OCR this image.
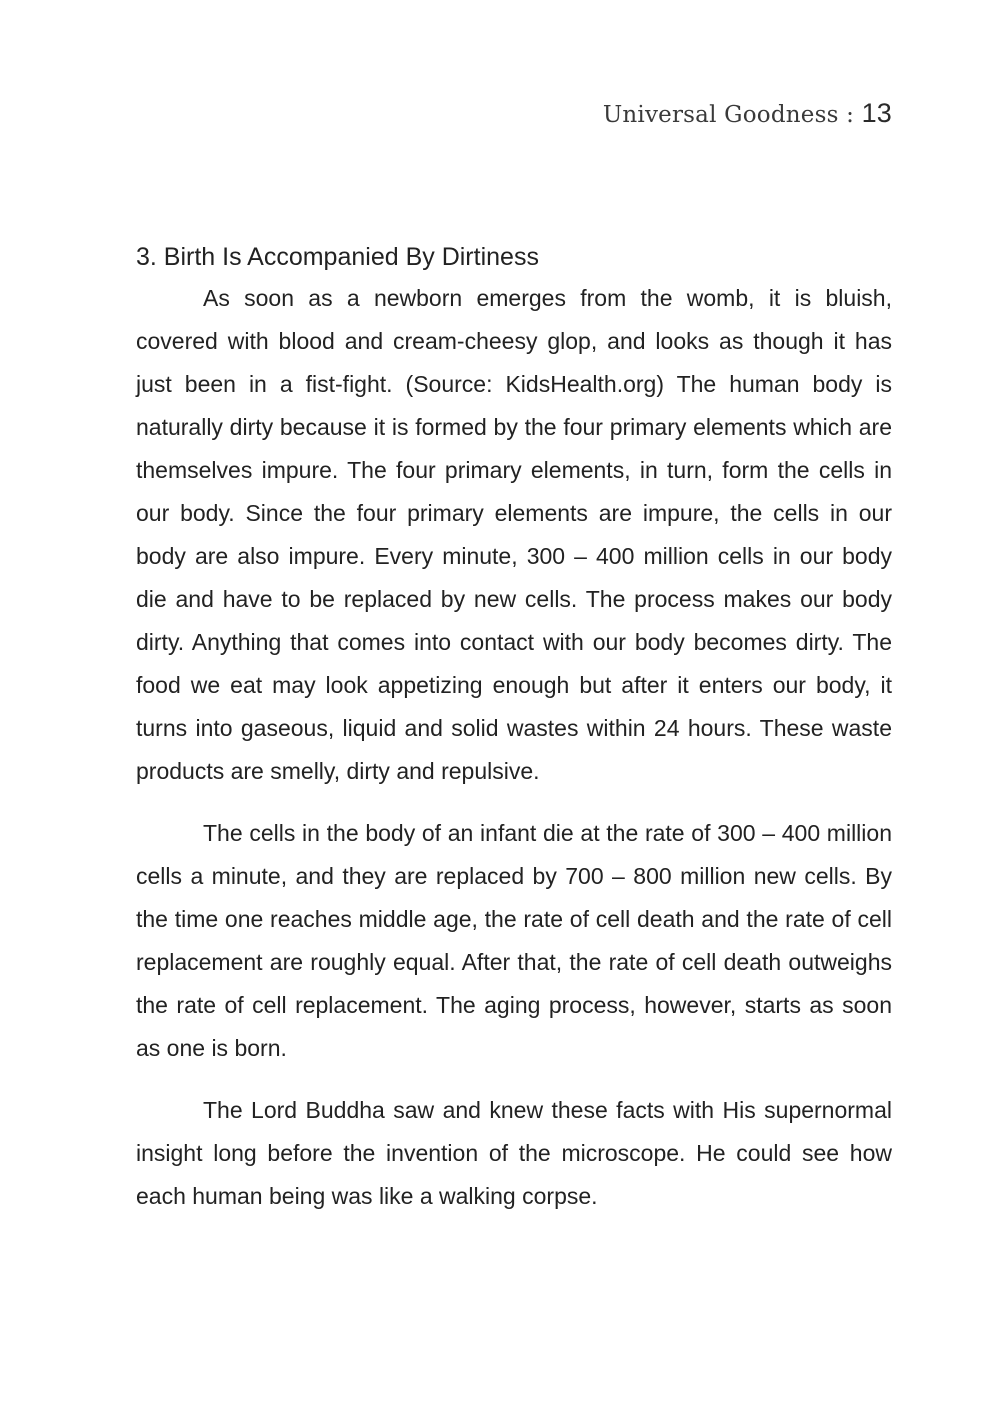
Universal Goodness : 13
3. Birth Is Accompanied By Dirtiness

As soon as a newborn emerges from the womb, it is bluish, covered with blood and cream-cheesy glop, and looks as though it has just been in a fist-fight. (Source: KidsHealth.org) The human body is naturally dirty because it is formed by the four primary elements which are themselves impure. The four primary elements, in turn, form the cells in our body. Since the four primary elements are impure, the cells in our body are also impure. Every minute, 300 – 400 million cells in our body die and have to be replaced by new cells. The process makes our body dirty. Anything that comes into contact with our body becomes dirty. The food we eat may look appetizing enough but after it enters our body, it turns into gaseous, liquid and solid wastes within 24 hours. These waste products are smelly, dirty and repulsive.

The cells in the body of an infant die at the rate of 300 – 400 million cells a minute, and they are replaced by 700 – 800 million new cells. By the time one reaches middle age, the rate of cell death and the rate of cell replacement are roughly equal. After that, the rate of cell death outweighs the rate of cell replacement. The aging process, however, starts as soon as one is born.

The Lord Buddha saw and knew these facts with His supernormal insight long before the invention of the microscope. He could see how each human being was like a walking corpse.
